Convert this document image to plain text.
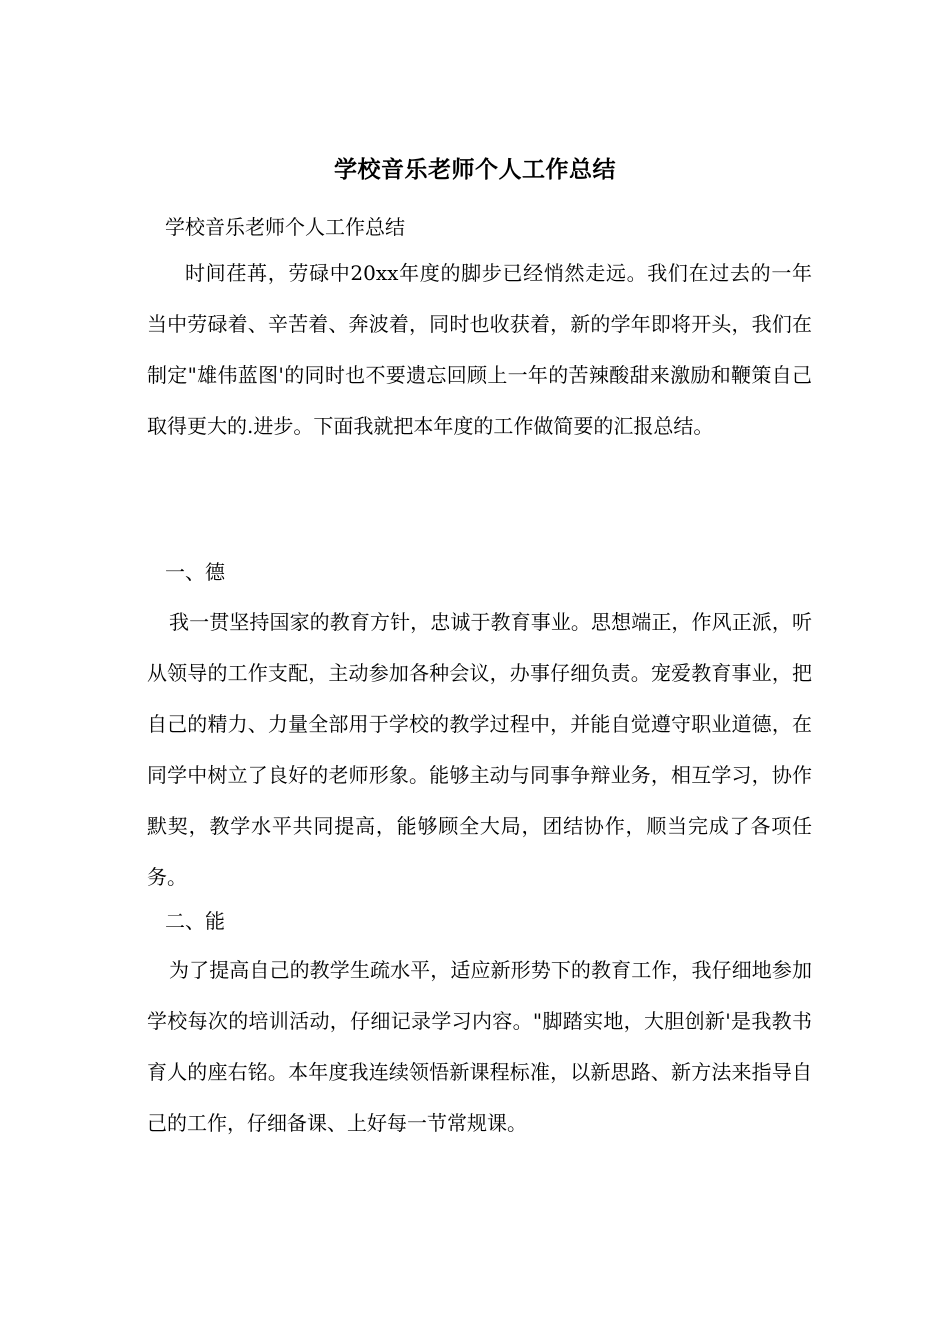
学校音乐老师个人工作总结

学校音乐老师个人工作总结

时间荏苒，劳碌中20xx年度的脚步已经悄然走远。我们在过去的一年当中劳碌着、辛苦着、奔波着，同时也收获着，新的学年即将开头，我们在制定"雄伟蓝图'的同时也不要遗忘回顾上一年的苦辣酸甜来激励和鞭策自己取得更大的.进步。下面我就把本年度的工作做简要的汇报总结。

一、德

我一贯坚持国家的教育方针，忠诚于教育事业。思想端正，作风正派，听从领导的工作支配，主动参加各种会议，办事仔细负责。宠爱教育事业，把自己的精力、力量全部用于学校的教学过程中，并能自觉遵守职业道德，在同学中树立了良好的老师形象。能够主动与同事争辩业务，相互学习，协作默契，教学水平共同提高，能够顾全大局，团结协作，顺当完成了各项任务。

二、能

为了提高自己的教学生疏水平，适应新形势下的教育工作，我仔细地参加学校每次的培训活动，仔细记录学习内容。"脚踏实地，大胆创新'是我教书育人的座右铭。本年度我连续领悟新课程标准，以新思路、新方法来指导自己的工作，仔细备课、上好每一节常规课。
